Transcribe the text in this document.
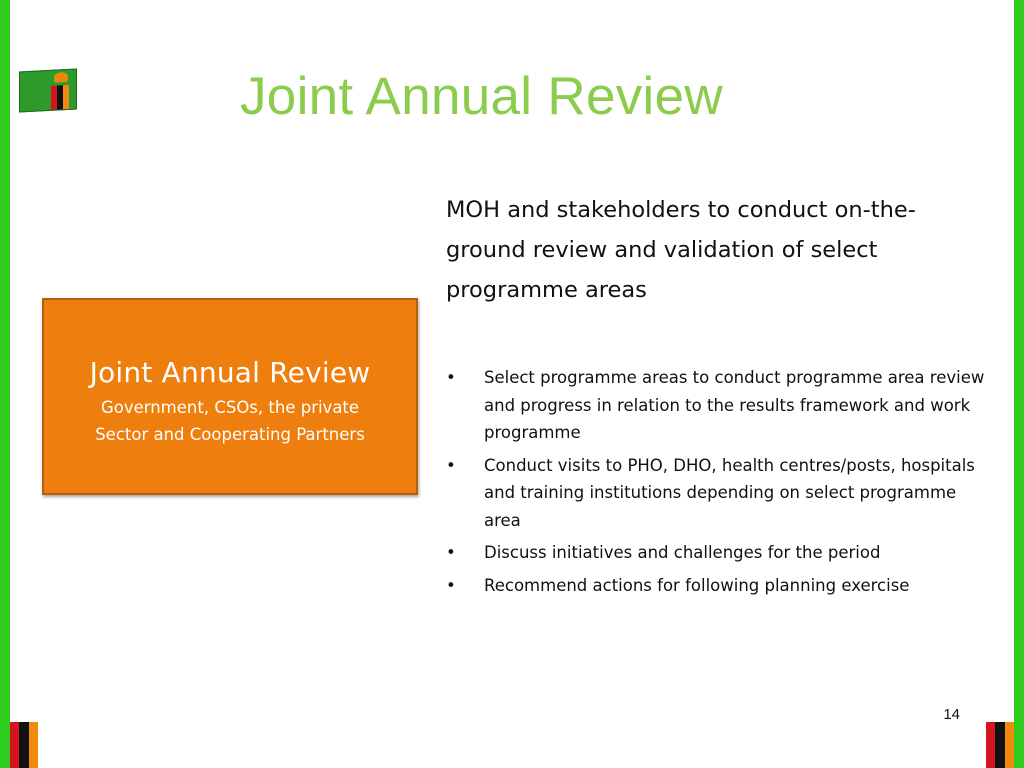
Joint Annual Review

MOH and stakeholders to conduct on-the-ground review and validation of select programme areas

Joint Annual Review
Government, CSOs, the private
Sector and Cooperating Partners
• Select programme areas to conduct programme area review and progress in relation to the results framework and work programme
• Conduct visits to PHO, DHO, health centres/posts, hospitals and training institutions depending on select programme area
• Discuss initiatives and challenges for the period
• Recommend actions for following planning exercise
14
